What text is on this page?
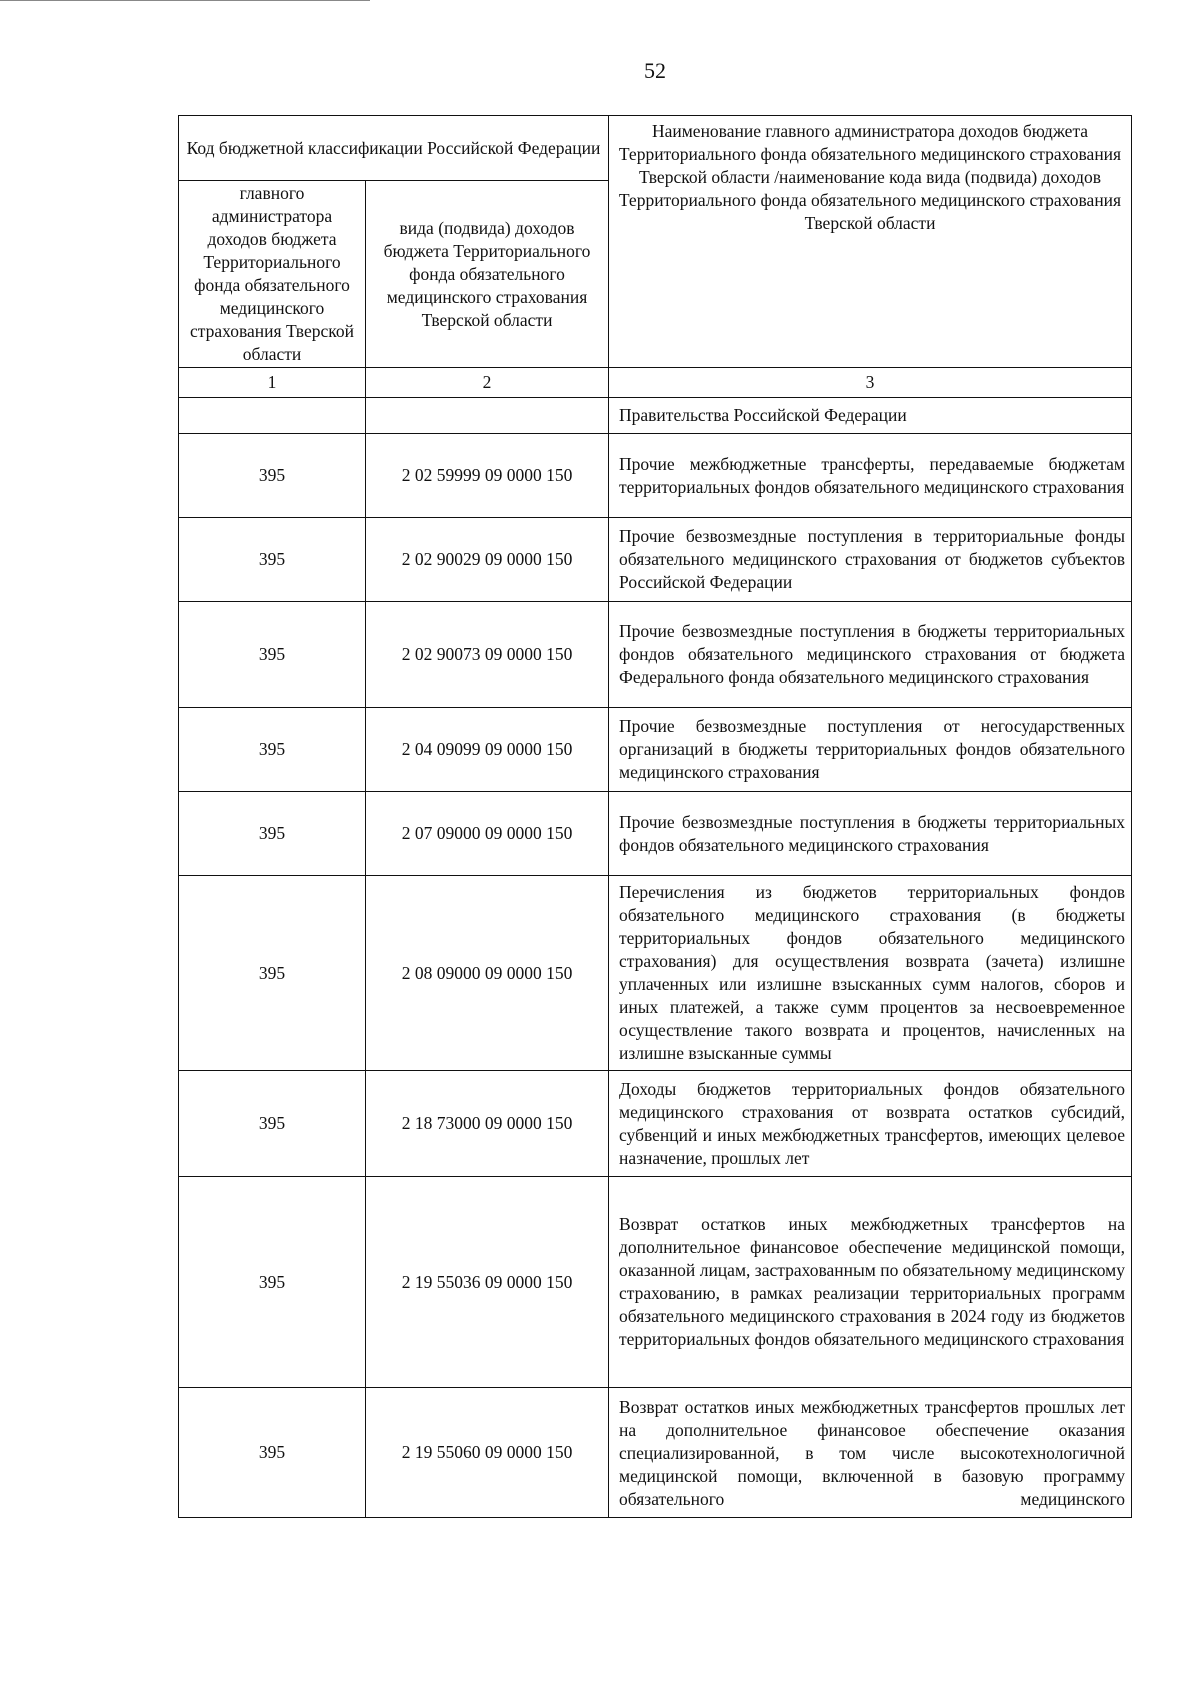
52
Код бюджетной классификации Российской Федерации		Наименование главного администратора доходов бюджета Территориального фонда обязательного медицинского страхования Тверской области /наименование кода вида (подвида) доходов Территориального фонда обязательного медицинского страхования Тверской области
главного администратора доходов бюджета Территориального фонда обязательного медицинского страхования Тверской области	вида (подвида) доходов бюджета Территориального фонда обязательного медицинского страхования Тверской области	
1	2	3
		Правительства Российской Федерации
395	2 02 59999 09 0000 150	Прочие межбюджетные трансферты, передаваемые бюджетам территориальных фондов обязательного медицинского страхования
395	2 02 90029 09 0000 150	Прочие безвозмездные поступления в территориальные фонды обязательного медицинского страхования от бюджетов субъектов Российской Федерации
395	2 02 90073 09 0000 150	Прочие безвозмездные поступления в бюджеты территориальных фондов обязательного медицинского страхования от бюджета Федерального фонда обязательного медицинского страхования
395	2 04 09099 09 0000 150	Прочие безвозмездные поступления от негосударственных организаций в бюджеты территориальных фондов обязательного медицинского страхования
395	2 07 09000 09 0000 150	Прочие безвозмездные поступления в бюджеты территориальных фондов обязательного медицинского страхования
395	2 08 09000 09 0000 150	Перечисления из бюджетов территориальных фондов обязательного медицинского страхования (в бюджеты территориальных фондов обязательного медицинского страхования) для осуществления возврата (зачета) излишне уплаченных или излишне взысканных сумм налогов, сборов и иных платежей, а также сумм процентов за несвоевременное осуществление такого возврата и процентов, начисленных на излишне взысканные суммы
395	2 18 73000 09 0000 150	Доходы бюджетов территориальных фондов обязательного медицинского страхования от возврата остатков субсидий, субвенций и иных межбюджетных трансфертов, имеющих целевое назначение, прошлых лет
395	2 19 55036 09 0000 150	Возврат остатков иных межбюджетных трансфертов на дополнительное финансовое обеспечение медицинской помощи, оказанной лицам, застрахованным по обязательному медицинскому страхованию, в рамках реализации территориальных программ обязательного медицинского страхования в 2024 году из бюджетов территориальных фондов обязательного медицинского страхования
395	2 19 55060 09 0000 150	Возврат остатков иных межбюджетных трансфертов прошлых лет на дополнительное финансовое обеспечение оказания специализированной, в том числе высокотехнологичной медицинской помощи, включенной в базовую программу обязательного медицинского
